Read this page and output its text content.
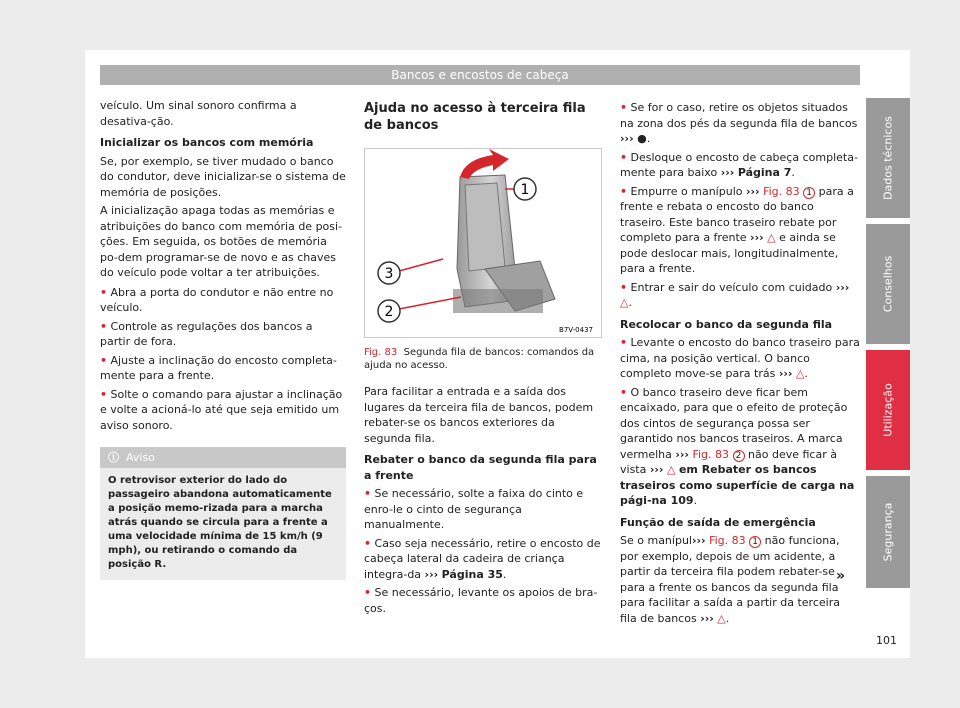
Bancos e encostos de cabeça

veículo. Um sinal sonoro confirma a desativa-ção.

Inicializar os bancos com memória

Se, por exemplo, se tiver mudado o banco do condutor, deve inicializar-se o sistema de memória de posições.

A inicialização apaga todas as memórias e atribuições do banco com memória de posi-ções. Em seguida, os botões de memória po-dem programar-se de novo e as chaves do veículo pode voltar a ter atribuições.

• Abra a porta do condutor e não entre no veículo.

• Controle as regulações dos bancos a partir de fora.

• Ajuste a inclinação do encosto completa-mente para a frente.

• Solte o comando para ajustar a inclinação e volte a acioná-lo até que seja emitido um aviso sonoro.

ⓘ Aviso
O retrovisor exterior do lado do passageiro abandona automaticamente a posição memo-rizada para a marcha atrás quando se circula para a frente a uma velocidade mínima de 15 km/h (9 mph), ou retirando o comando da posição R.
Ajuda no acesso à terceira fila de bancos
1
3
2
B7V-0437

Fig. 83 Segunda fila de bancos: comandos da ajuda no acesso.

Para facilitar a entrada e a saída dos lugares da terceira fila de bancos, podem rebater-se os bancos exteriores da segunda fila.

Rebater o banco da segunda fila para a frente

• Se necessário, solte a faixa do cinto e enro-le o cinto de segurança manualmente.

• Caso seja necessário, retire o encosto de cabeça lateral da cadeira de criança integra-da ››› Página 35.

• Se necessário, levante os apoios de bra-ços.

• Se for o caso, retire os objetos situados na zona dos pés da segunda fila de bancos ››› ●.

• Desloque o encosto de cabeça completa-mente para baixo ››› Página 7.

• Empurre o manípulo ››› Fig. 83 1 para a frente e rebata o encosto do banco traseiro. Este banco traseiro rebate por completo para a frente ››› △ e ainda se pode deslocar mais, longitudinalmente, para a frente.

• Entrar e sair do veículo com cuidado ››› △.

Recolocar o banco da segunda fila

• Levante o encosto do banco traseiro para cima, na posição vertical. O banco completo move-se para trás ››› △.

• O banco traseiro deve ficar bem encaixado, para que o efeito de proteção dos cintos de segurança possa ser garantido nos bancos traseiros. A marca vermelha ››› Fig. 83 2 não deve ficar à vista ››› △ em Rebater os bancos traseiros como superfície de carga na pági-na 109.

Função de saída de emergência

Se o manípul››› Fig. 83 1 não funciona, por exemplo, depois de um acidente, a partir da terceira fila podem rebater-se para a frente os bancos da segunda fila para facilitar a saída a partir da terceira fila de bancos ››› △.

»
Dados técnicos
Conselhos
Utilização
Segurança
101
